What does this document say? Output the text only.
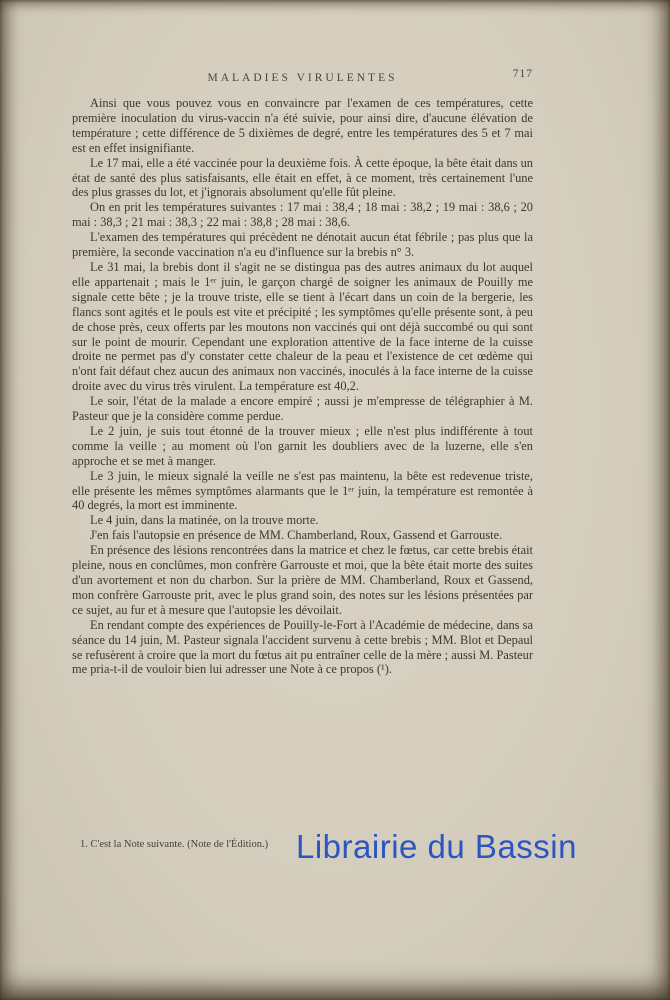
MALADIES VIRULENTES	717

Ainsi que vous pouvez vous en convaincre par l'examen de ces températures, cette première inoculation du virus-vaccin n'a été suivie, pour ainsi dire, d'aucune élévation de température ; cette différence de 5 dixièmes de degré, entre les températures des 5 et 7 mai est en effet insignifiante.

Le 17 mai, elle a été vaccinée pour la deuxième fois. À cette époque, la bête était dans un état de santé des plus satisfaisants, elle était en effet, à ce moment, très certainement l'une des plus grasses du lot, et j'ignorais absolument qu'elle fût pleine.

On en prit les températures suivantes : 17 mai : 38,4 ; 18 mai : 38,2 ; 19 mai : 38,6 ; 20 mai : 38,3 ; 21 mai : 38,3 ; 22 mai : 38,8 ; 28 mai : 38,6.

L'examen des températures qui précèdent ne dénotait aucun état fébrile ; pas plus que la première, la seconde vaccination n'a eu d'influence sur la brebis n° 3.

Le 31 mai, la brebis dont il s'agit ne se distingua pas des autres animaux du lot auquel elle appartenait ; mais le 1ᵉʳ juin, le garçon chargé de soigner les animaux de Pouilly me signale cette bête ; je la trouve triste, elle se tient à l'écart dans un coin de la bergerie, les flancs sont agités et le pouls est vite et précipité ; les symptômes qu'elle présente sont, à peu de chose près, ceux offerts par les moutons non vaccinés qui ont déjà succombé ou qui sont sur le point de mourir. Cependant une exploration attentive de la face interne de la cuisse droite ne permet pas d'y constater cette chaleur de la peau et l'existence de cet œdème qui n'ont fait défaut chez aucun des animaux non vaccinés, inoculés à la face interne de la cuisse droite avec du virus très virulent. La température est 40,2.

Le soir, l'état de la malade a encore empiré ; aussi je m'empresse de télégraphier à M. Pasteur que je la considère comme perdue.

Le 2 juin, je suis tout étonné de la trouver mieux ; elle n'est plus indifférente à tout comme la veille ; au moment où l'on garnit les doubliers avec de la luzerne, elle s'en approche et se met à manger.

Le 3 juin, le mieux signalé la veille ne s'est pas maintenu, la bête est redevenue triste, elle présente les mêmes symptômes alarmants que le 1ᵉʳ juin, la température est remontée à 40 degrés, la mort est imminente.

Le 4 juin, dans la matinée, on la trouve morte.

J'en fais l'autopsie en présence de MM. Chamberland, Roux, Gassend et Garrouste.

En présence des lésions rencontrées dans la matrice et chez le fœtus, car cette brebis était pleine, nous en conclûmes, mon confrère Garrouste et moi, que la bête était morte des suites d'un avortement et non du charbon. Sur la prière de MM. Chamberland, Roux et Gassend, mon confrère Garrouste prit, avec le plus grand soin, des notes sur les lésions présentées par ce sujet, au fur et à mesure que l'autopsie les dévoilait.

En rendant compte des expériences de Pouilly-le-Fort à l'Académie de médecine, dans sa séance du 14 juin, M. Pasteur signala l'accident survenu à cette brebis ; MM. Blot et Depaul se refusèrent à croire que la mort du fœtus ait pu entraîner celle de la mère ; aussi M. Pasteur me pria-t-il de vouloir bien lui adresser une Note à ce propos (¹).

1. C'est la Note suivante. (Note de l'Édition.) Librairie du Bassin
